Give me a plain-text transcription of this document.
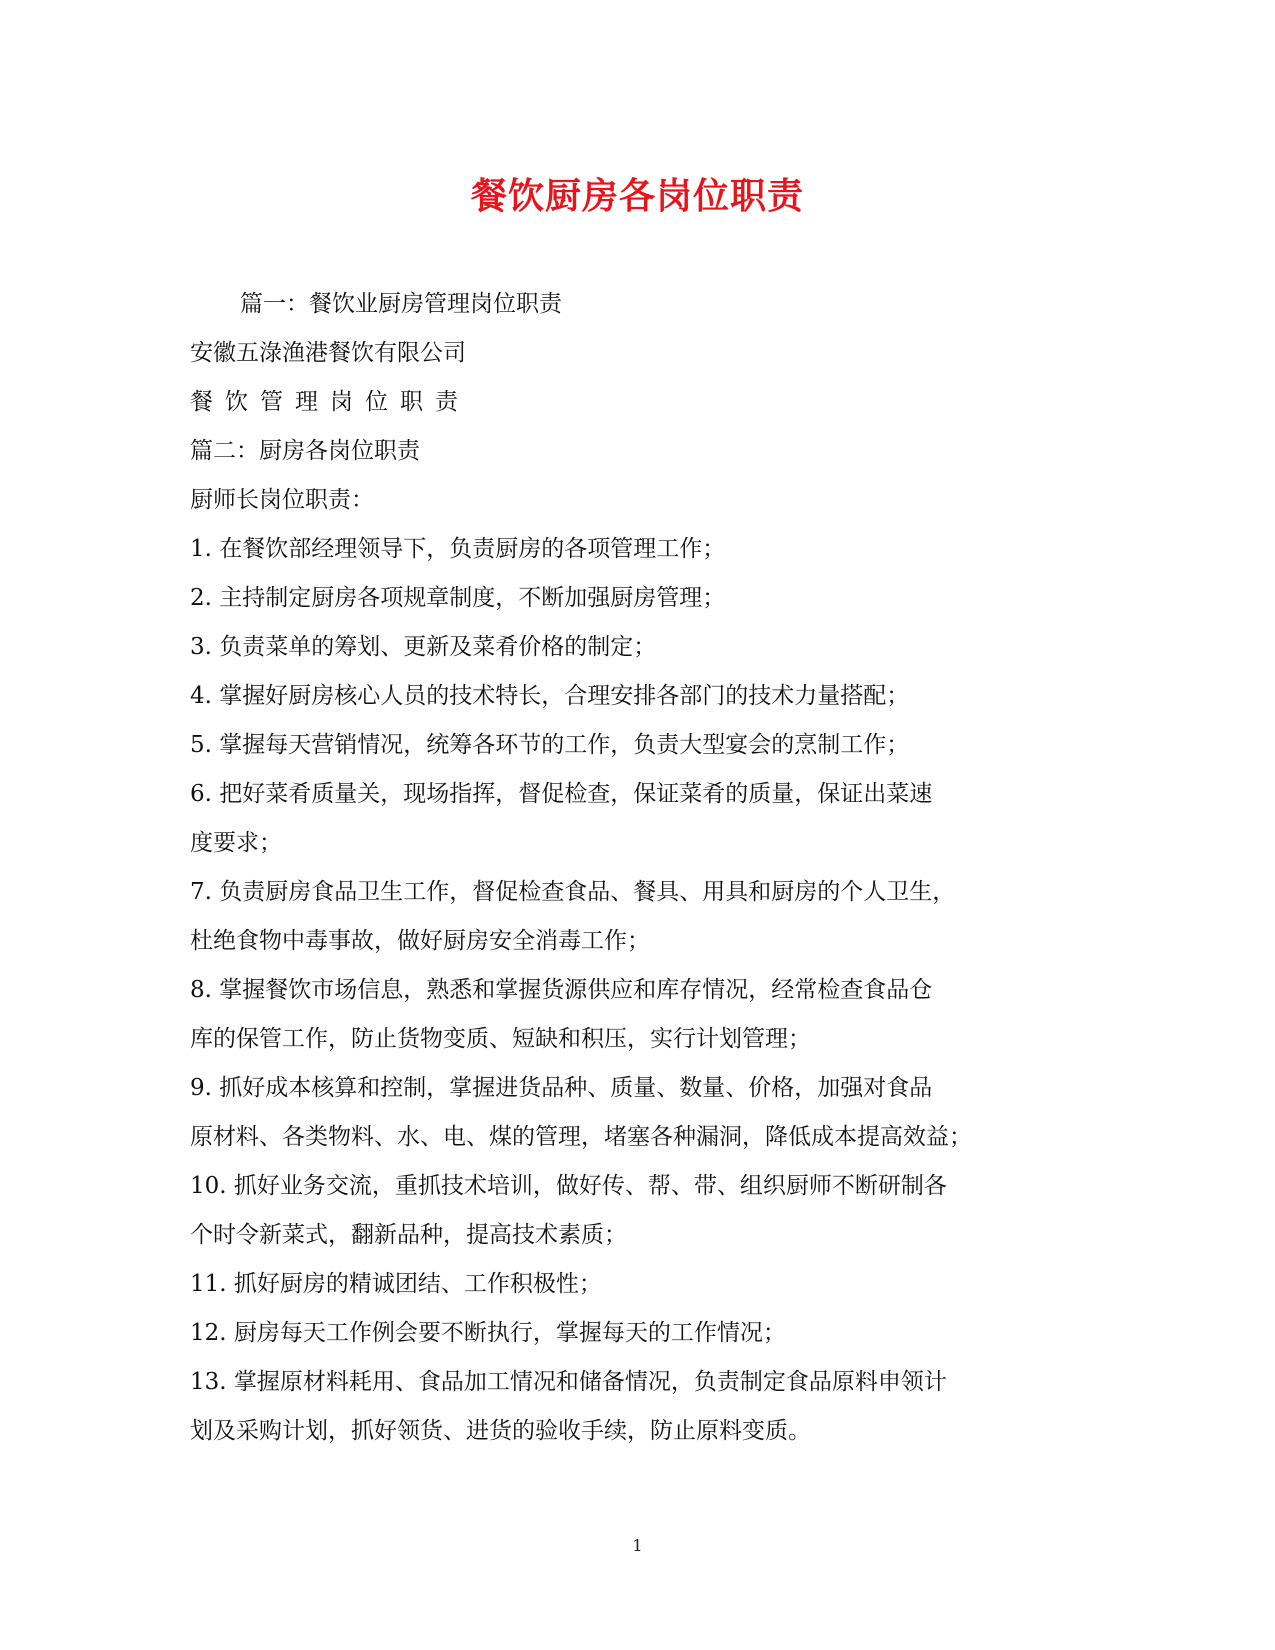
餐饮厨房各岗位职责
篇一：餐饮业厨房管理岗位职责
安徽五淥渔港餐饮有限公司
餐饮管理岗位职责
篇二：厨房各岗位职责
厨师长岗位职责：
1. 在餐饮部经理领导下，负责厨房的各项管理工作；
2. 主持制定厨房各项规章制度，不断加强厨房管理；
3. 负责菜单的筹划、更新及菜肴价格的制定；
4. 掌握好厨房核心人员的技术特长，合理安排各部门的技术力量搭配；
5. 掌握每天营销情况，统筹各环节的工作，负责大型宴会的烹制工作；
6. 把好菜肴质量关，现场指挥，督促检查，保证菜肴的质量，保证出菜速
度要求；
7. 负责厨房食品卫生工作，督促检查食品、餐具、用具和厨房的个人卫生，
杜绝食物中毒事故，做好厨房安全消毒工作；
8. 掌握餐饮市场信息，熟悉和掌握货源供应和库存情况，经常检查食品仓
库的保管工作，防止货物变质、短缺和积压，实行计划管理；
9. 抓好成本核算和控制，掌握进货品种、质量、数量、价格，加强对食品
原材料、各类物料、水、电、煤的管理，堵塞各种漏洞，降低成本提高效益；
10. 抓好业务交流，重抓技术培训，做好传、帮、带、组织厨师不断研制各
个时令新菜式，翻新品种，提高技术素质；
11. 抓好厨房的精诚团结、工作积极性；
12. 厨房每天工作例会要不断执行，掌握每天的工作情况；
13. 掌握原材料耗用、食品加工情况和储备情况，负责制定食品原料申领计
划及采购计划，抓好领货、进货的验收手续，防止原料变质。
1
